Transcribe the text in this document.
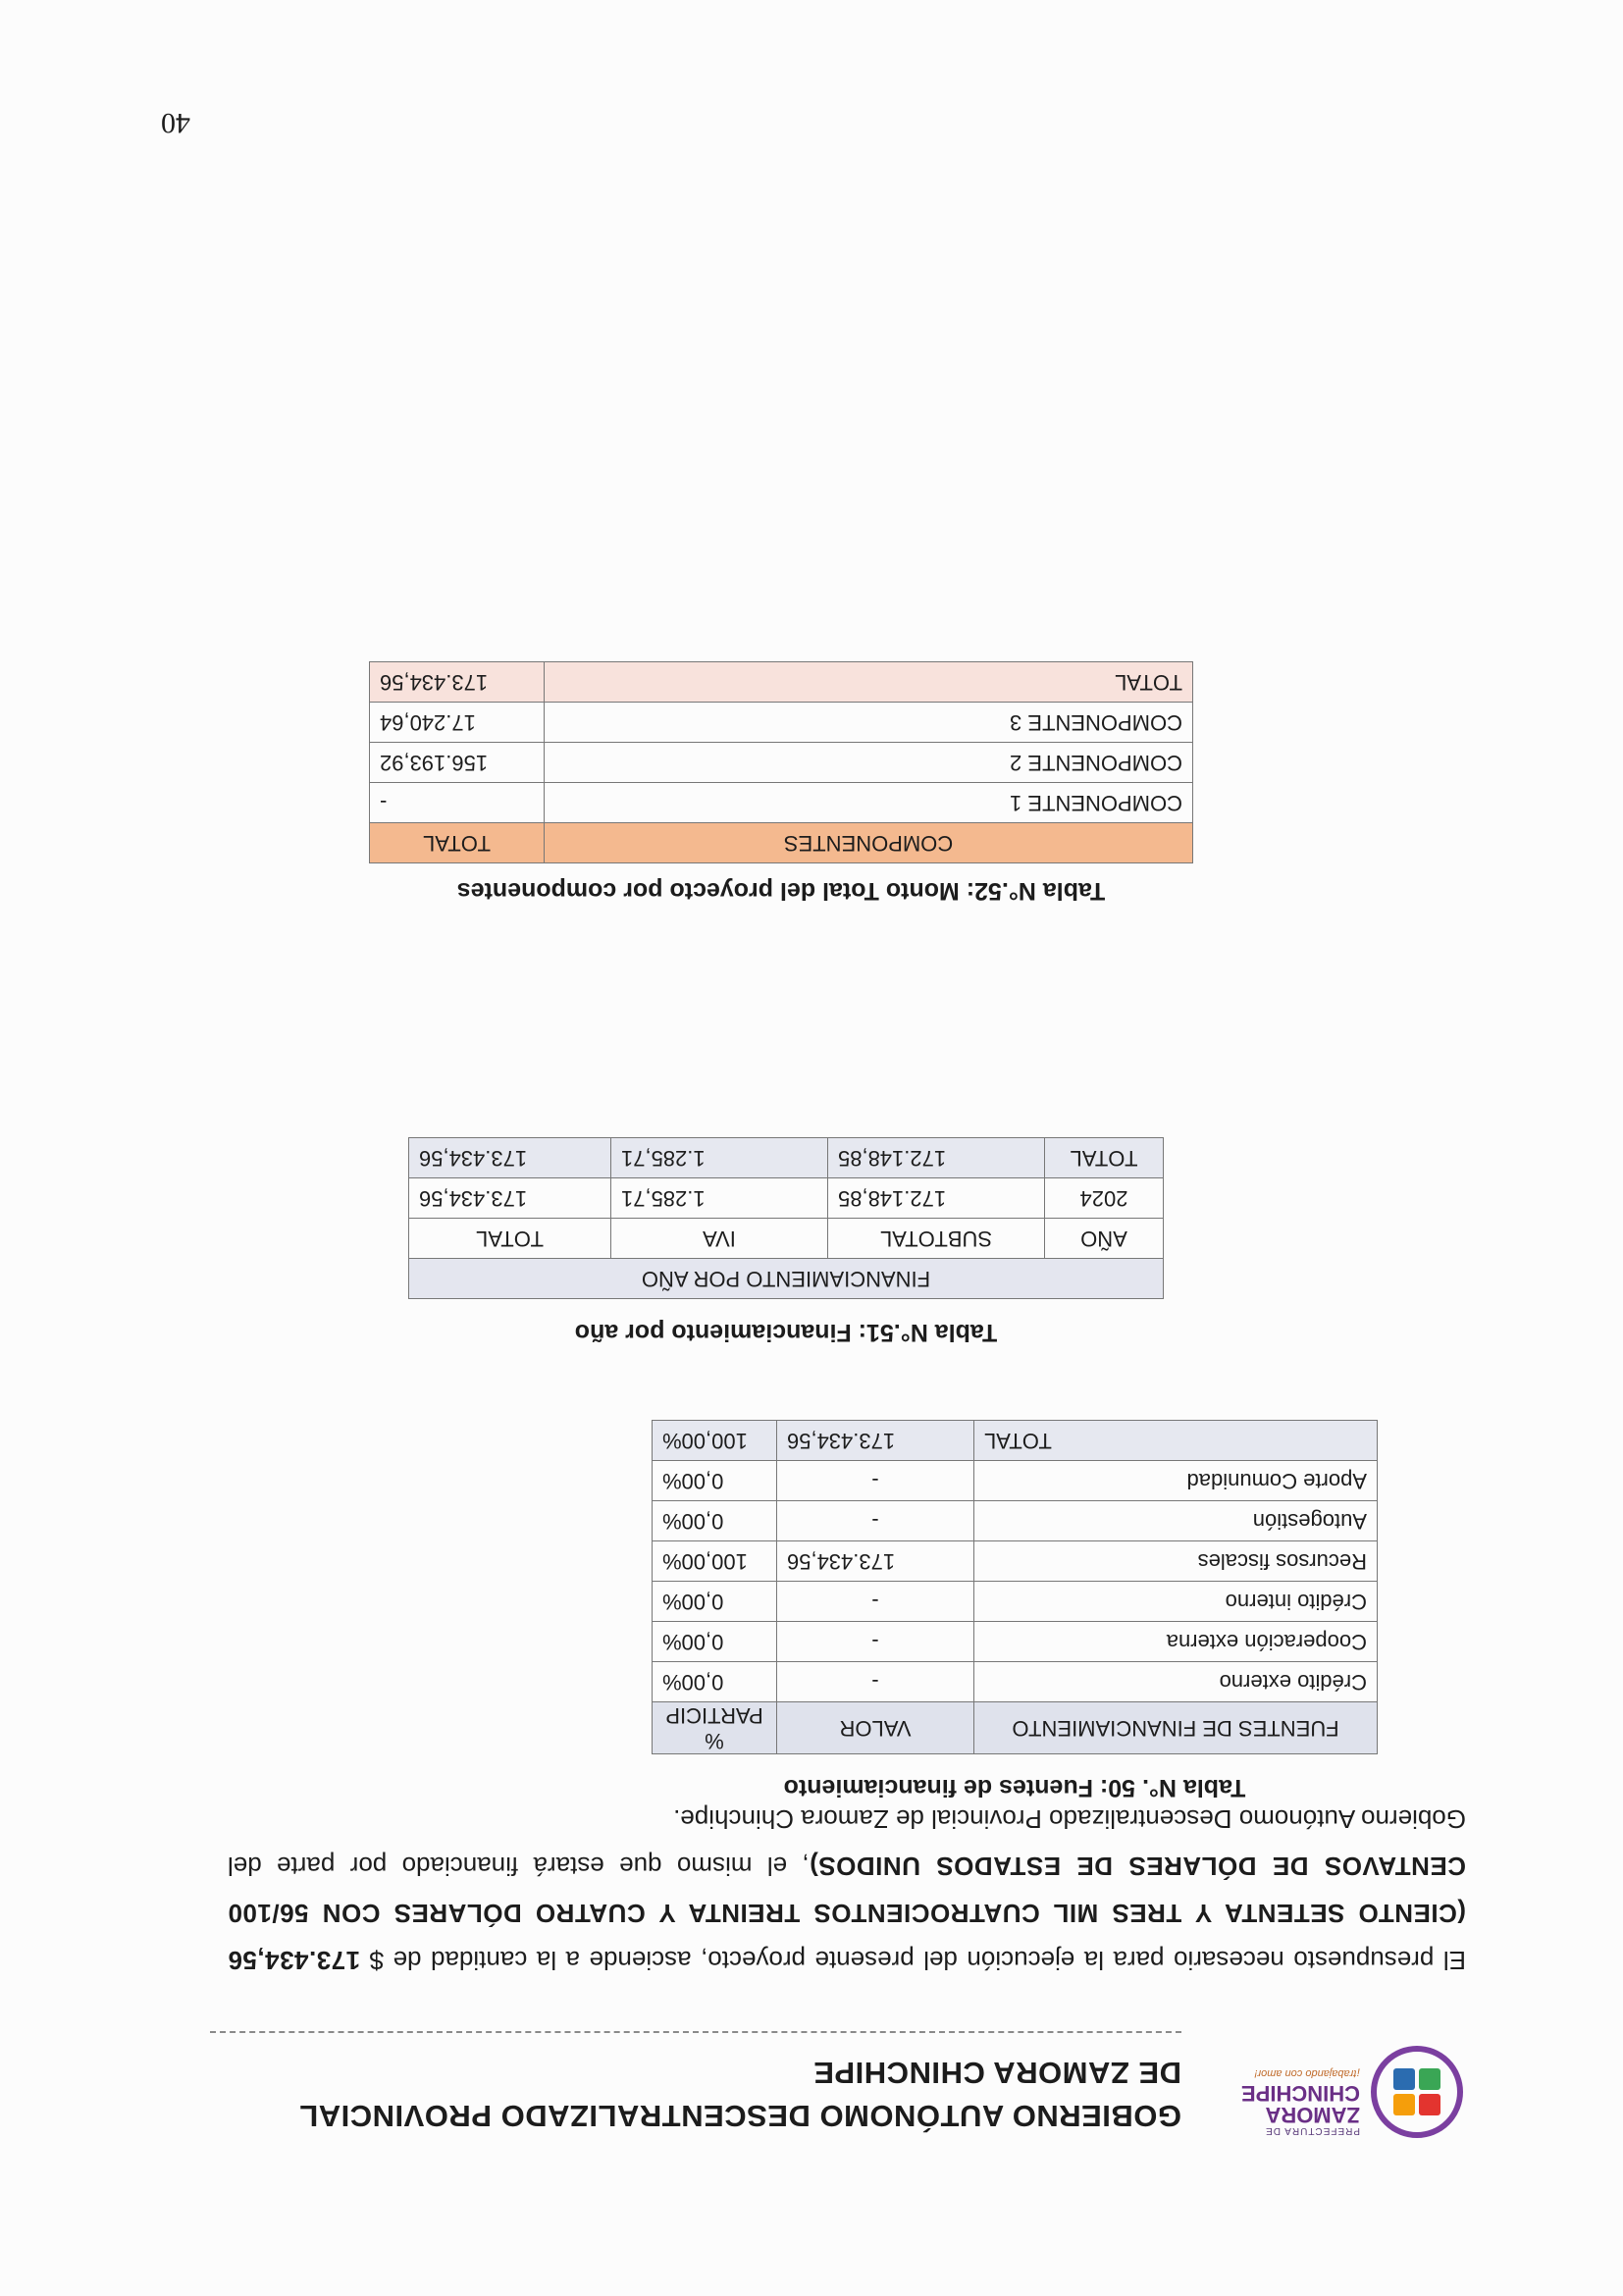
PREFECTURA DE
ZAMORA
CHINCHIPE
¡trabajando con amor!
GOBIERNO AUTÓNOMO DESCENTRALIZADO PROVINCIAL
DE ZAMORA CHINCHIPE
El presupuesto necesario para la ejecución del presente proyecto, asciende a la cantidad de $ 173.434,56 (CIENTO SETENTA Y TRES MIL CUATROCIENTOS TREINTA Y CUATRO DÓLARES CON 56/100 CENTAVOS DE DÓLARES DE ESTADOS UNIDOS), el mismo que estará financiado por parte del Gobierno Autónomo Descentralizado Provincial de Zamora Chinchipe.
Tabla N°. 50: Fuentes de financiamiento
FUENTES DE FINANCIAMIENTO	VALOR	% PARTICIP
Crédito externo	-	0,00%
Cooperación externa	-	0,00%
Crédito interno	-	0,00%
Recursos fiscales	173.434,56	100,00%
Autogestión	-	0,00%
Aporte Comunidad	-	0,00%
TOTAL	173.434,56	100,00%
Tabla N°.51: Financiamiento por año
FINANCIAMIENTO POR AÑO			
AÑO	SUBTOTAL	IVA	TOTAL
2024	172.148,85	1.285,71	173.434,56
TOTAL	172.148,85	1.285,71	173.434,56
Tabla N°.52: Monto Total del proyecto por componentes
COMPONENTES	TOTAL
COMPONENTE 1	-
COMPONENTE 2	156.193,92
COMPONENTE 3	17.240,64
TOTAL	173.434,56
40
